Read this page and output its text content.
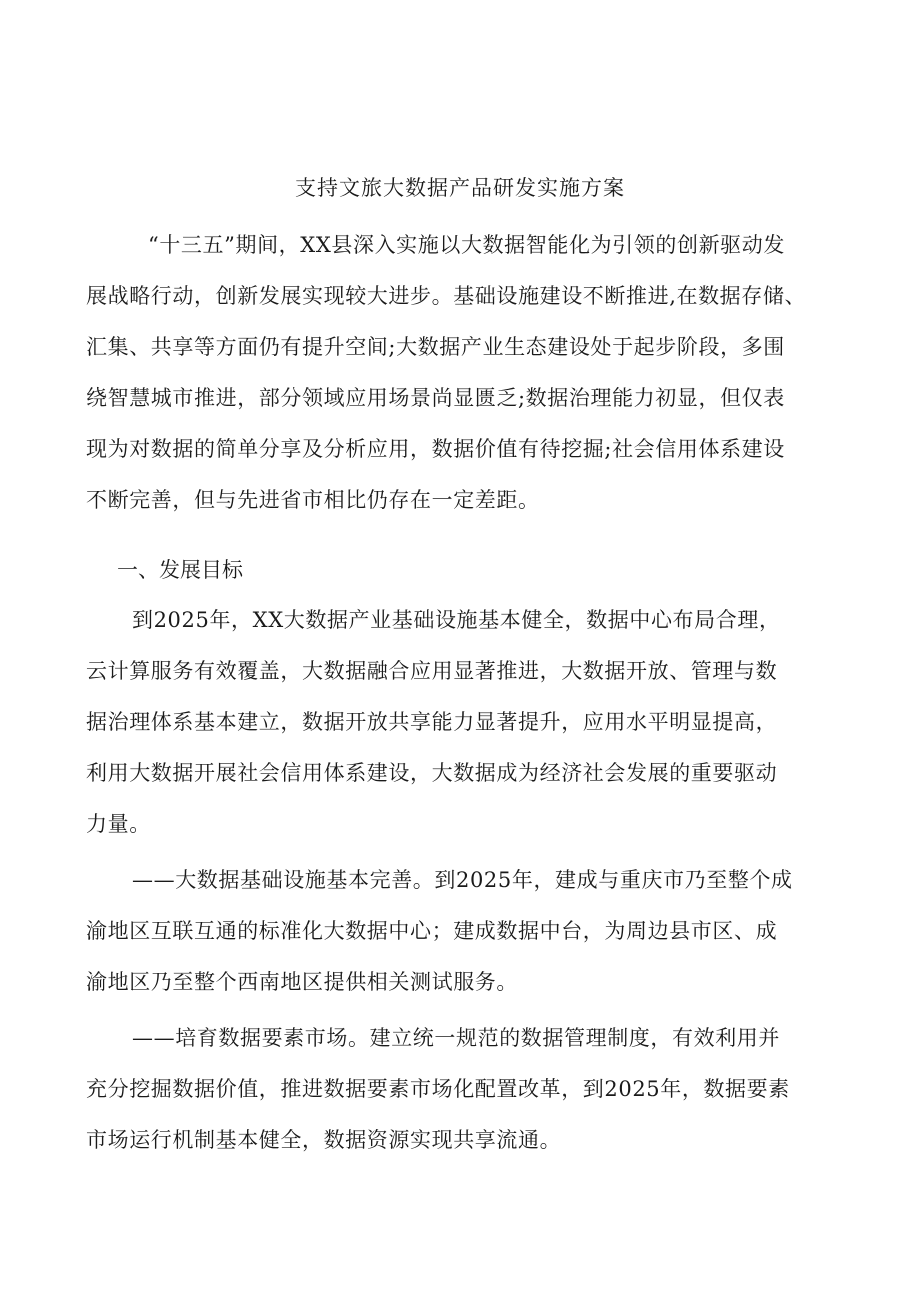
支持文旅大数据产品研发实施方案
“十三五”期间，XX县深入实施以大数据智能化为引领的创新驱动发
展战略行动，创新发展实现较大进步。基础设施建设不断推进,在数据存储、
汇集、共享等方面仍有提升空间;大数据产业生态建设处于起步阶段，多围
绕智慧城市推进，部分领域应用场景尚显匮乏;数据治理能力初显，但仅表
现为对数据的简单分享及分析应用，数据价值有待挖掘;社会信用体系建设
不断完善，但与先进省市相比仍存在一定差距。
一、发展目标
到2025年，XX大数据产业基础设施基本健全，数据中心布局合理，
云计算服务有效覆盖，大数据融合应用显著推进，大数据开放、管理与数
据治理体系基本建立，数据开放共享能力显著提升，应用水平明显提高，
利用大数据开展社会信用体系建设，大数据成为经济社会发展的重要驱动
力量。
——大数据基础设施基本完善。到2025年，建成与重庆市乃至整个成
渝地区互联互通的标准化大数据中心；建成数据中台，为周边县市区、成
渝地区乃至整个西南地区提供相关测试服务。
——培育数据要素市场。建立统一规范的数据管理制度，有效利用并
充分挖掘数据价值，推进数据要素市场化配置改革，到2025年，数据要素
市场运行机制基本健全，数据资源实现共享流通。
